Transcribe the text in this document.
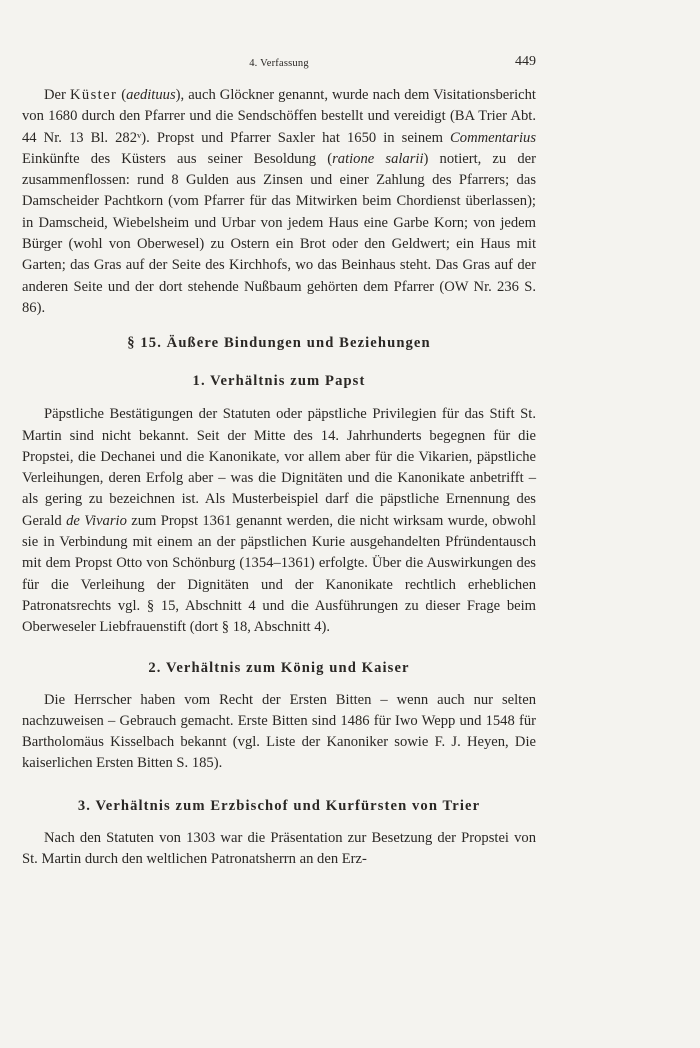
4. Verfassung	449

Der Küster (aedituus), auch Glöckner genannt, wurde nach dem Visitationsbericht von 1680 durch den Pfarrer und die Sendschöffen bestellt und vereidigt (BA Trier Abt. 44 Nr. 13 Bl. 282ᵛ). Propst und Pfarrer Saxler hat 1650 in seinem Commentarius Einkünfte des Küsters aus seiner Besoldung (ratione salarii) notiert, zu der zusammenflossen: rund 8 Gulden aus Zinsen und einer Zahlung des Pfarrers; das Damscheider Pachtkorn (vom Pfarrer für das Mitwirken beim Chordienst überlassen); in Damscheid, Wiebelsheim und Urbar von jedem Haus eine Garbe Korn; von jedem Bürger (wohl von Oberwesel) zu Ostern ein Brot oder den Geldwert; ein Haus mit Garten; das Gras auf der Seite des Kirchhofs, wo das Beinhaus steht. Das Gras auf der anderen Seite und der dort stehende Nußbaum gehörten dem Pfarrer (OW Nr. 236 S. 86).

§ 15. Äußere Bindungen und Beziehungen
1. Verhältnis zum Papst

Päpstliche Bestätigungen der Statuten oder päpstliche Privilegien für das Stift St. Martin sind nicht bekannt. Seit der Mitte des 14. Jahrhunderts begegnen für die Propstei, die Dechanei und die Kanonikate, vor allem aber für die Vikarien, päpstliche Verleihungen, deren Erfolg aber – was die Dignitäten und die Kanonikate anbetrifft – als gering zu bezeichnen ist. Als Musterbeispiel darf die päpstliche Ernennung des Gerald de Vivario zum Propst 1361 genannt werden, die nicht wirksam wurde, obwohl sie in Verbindung mit einem an der päpstlichen Kurie ausgehandelten Pfründentausch mit dem Propst Otto von Schönburg (1354–1361) erfolgte. Über die Auswirkungen des für die Verleihung der Dignitäten und der Kanonikate rechtlich erheblichen Patronatsrechts vgl. § 15, Abschnitt 4 und die Ausführungen zu dieser Frage beim Oberweseler Liebfrauenstift (dort § 18, Abschnitt 4).

2. Verhältnis zum König und Kaiser

Die Herrscher haben vom Recht der Ersten Bitten – wenn auch nur selten nachzuweisen – Gebrauch gemacht. Erste Bitten sind 1486 für Iwo Wepp und 1548 für Bartholomäus Kisselbach bekannt (vgl. Liste der Kanoniker sowie F. J. Heyen, Die kaiserlichen Ersten Bitten S. 185).

3. Verhältnis zum Erzbischof und Kurfürsten von Trier

Nach den Statuten von 1303 war die Präsentation zur Besetzung der Propstei von St. Martin durch den weltlichen Patronatsherrn an den Erz-
